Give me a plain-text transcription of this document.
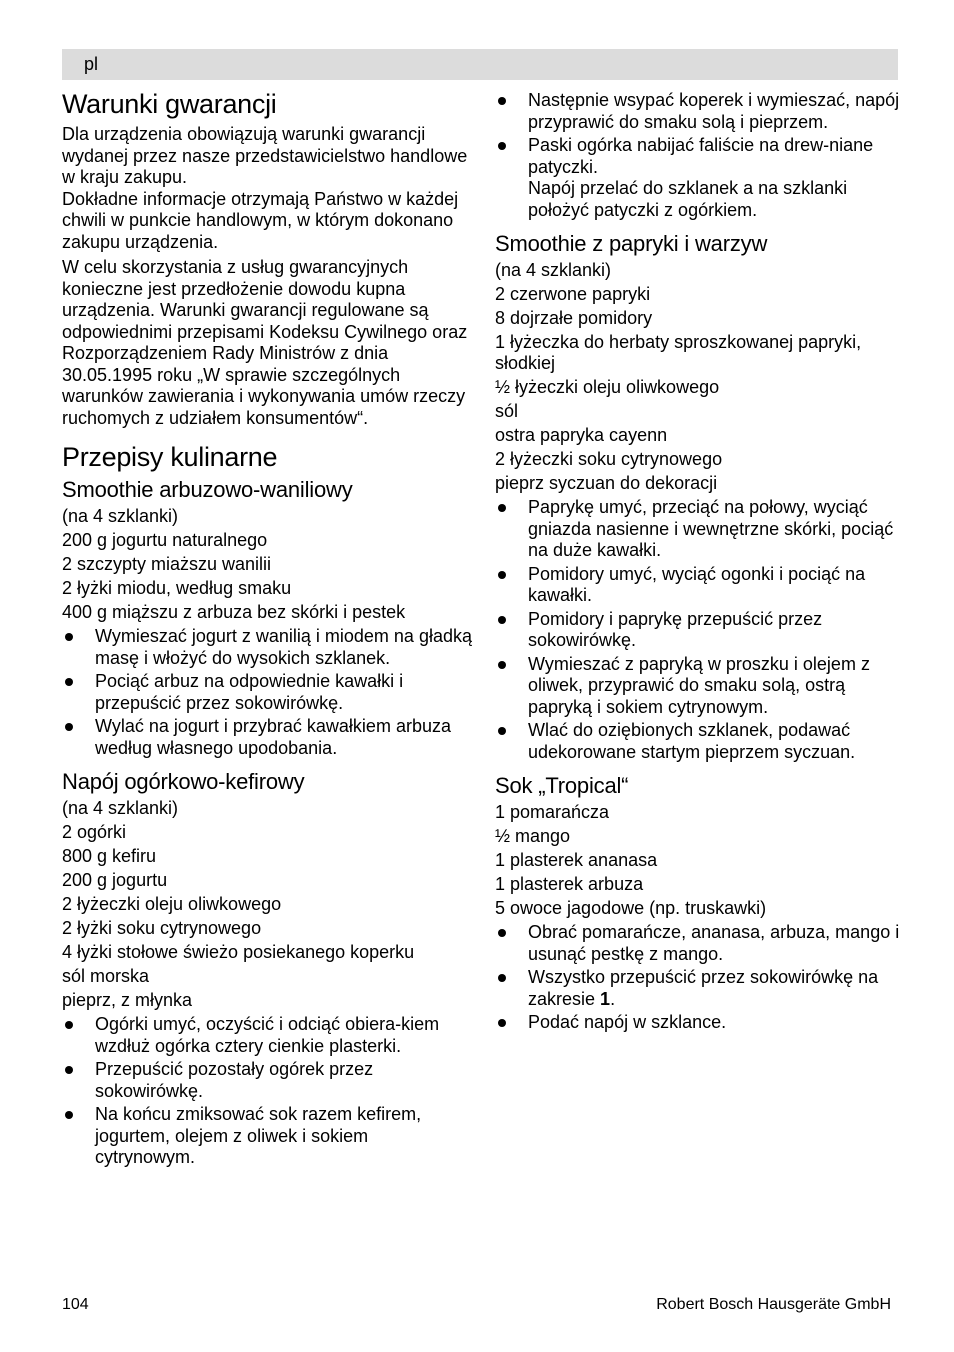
pl
Warunki gwarancji

Dla urządzenia obowiązują warunki gwarancji wydanej przez nasze przedstawicielstwo handlowe w kraju zakupu.

Dokładne informacje otrzymają Państwo w każdej chwili w punkcie handlowym, w którym dokonano zakupu urządzenia.

W celu skorzystania z usług gwarancyjnych konieczne jest przedłożenie dowodu kupna urządzenia. Warunki gwarancji regulowane są odpowiednimi przepisami Kodeksu Cywilnego oraz Rozporządzeniem Rady Ministrów z dnia 30.05.1995 roku „W sprawie szczególnych warunków zawierania i wykonywania umów rzeczy ruchomych z udziałem konsumentów“.

Przepisy kulinarne
Smoothie arbuzowo-waniliowy

(na 4 szklanki)

200 g jogurtu naturalnego

2 szczypty miaższu wanilii

2 łyżki miodu, według smaku

400 g miąższu z arbuza bez skórki i pestek

Wymieszać jogurt z wanilią i miodem na gładką masę i włożyć do wysokich szklanek.
Pociąć arbuz na odpowiednie kawałki i przepuścić przez sokowirówkę.
Wylać na jogurt i przybrać kawałkiem arbuza według własnego upodobania.
Napój ogórkowo-kefirowy

(na 4 szklanki)

2 ogórki

800 g kefiru

200 g jogurtu

2 łyżeczki oleju oliwkowego

2 łyżki soku cytrynowego

4 łyżki stołowe świeżo posiekanego koperku

sól morska

pieprz, z młynka

Ogórki umyć, oczyścić i odciąć obiera-kiem wzdłuż ogórka cztery cienkie plasterki.
Przepuścić pozostały ogórek przez sokowirówkę.
Na końcu zmiksować sok razem kefirem, jogurtem, olejem z oliwek i sokiem cytrynowym.
Następnie wsypać koperek i wymieszać, napój przyprawić do smaku solą i pieprzem.
Paski ogórka nabijać faliście na drew-niane patyczki.
Napój przelać do szklanek a na szklanki położyć patyczki z ogórkiem.
Smoothie z papryki i warzyw

(na 4 szklanki)

2 czerwone papryki

8 dojrzałe pomidory

1 łyżeczka do herbaty sproszkowanej papryki, słodkiej

½ łyżeczki oleju oliwkowego

sól

ostra papryka cayenn

2 łyżeczki soku cytrynowego

pieprz syczuan do dekoracji

Paprykę umyć, przeciąć na połowy, wyciąć gniazda nasienne i wewnętrzne skórki, pociąć na duże kawałki.
Pomidory umyć, wyciąć ogonki i pociąć na kawałki.
Pomidory i paprykę przepuścić przez sokowirówkę.
Wymieszać z papryką w proszku i olejem z oliwek, przyprawić do smaku solą, ostrą papryką i sokiem cytrynowym.
Wlać do oziębionych szklanek, podawać udekorowane startym pieprzem syczuan.
Sok „Tropical“

1 pomarańcza

½ mango

1 plasterek ananasa

1 plasterek arbuza

5 owoce jagodowe (np. truskawki)

Obrać pomarańcze, ananasa, arbuza, mango i usunąć pestkę z mango.
Wszystko przepuścić przez sokowirówkę na zakresie 1.
Podać napój w szklance.
104	Robert Bosch Hausgeräte GmbH
